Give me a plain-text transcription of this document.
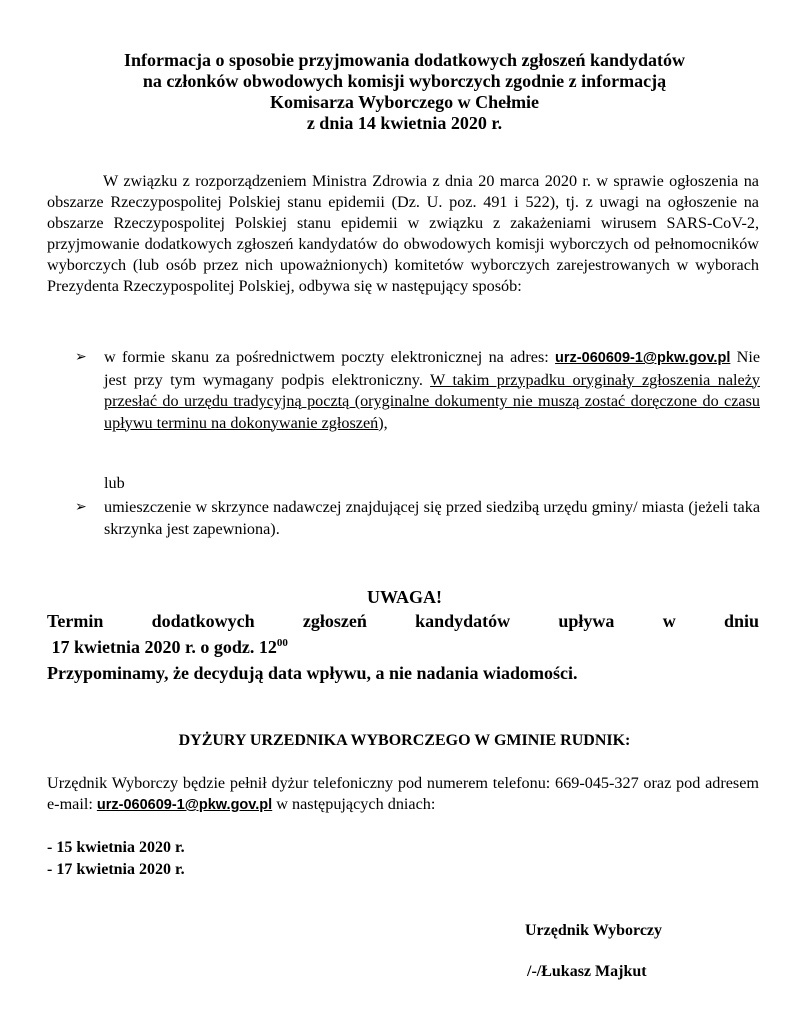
Informacja o sposobie przyjmowania dodatkowych zgłoszeń kandydatów
na członków obwodowych komisji wyborczych zgodnie z informacją
Komisarza Wyborczego w Chełmie
z dnia 14 kwietnia 2020 r.
W związku z rozporządzeniem Ministra Zdrowia z dnia 20 marca 2020 r. w sprawie ogłoszenia na obszarze Rzeczypospolitej Polskiej stanu epidemii (Dz. U. poz. 491 i 522), tj. z uwagi na ogłoszenie na obszarze Rzeczypospolitej Polskiej stanu epidemii w związku z zakażeniami wirusem SARS-CoV-2, przyjmowanie dodatkowych zgłoszeń kandydatów do obwodowych komisji wyborczych od pełnomocników wyborczych (lub osób przez nich upoważnionych) komitetów wyborczych zarejestrowanych w wyborach Prezydenta Rzeczypospolitej Polskiej, odbywa się w następujący sposób:
➢ w formie skanu za pośrednictwem poczty elektronicznej na adres: urz-060609-1@pkw.gov.pl Nie jest przy tym wymagany podpis elektroniczny. W takim przypadku oryginały zgłoszenia należy przesłać do urzędu tradycyjną pocztą (oryginalne dokumenty nie muszą zostać doręczone do czasu upływu terminu na dokonywanie zgłoszeń),
lub
➢ umieszczenie w skrzynce nadawczej znajdującej się przed siedzibą urzędu gminy/ miasta (jeżeli taka skrzynka jest zapewniona).
UWAGA!
Termin	dodatkowych	zgłoszeń	kandydatów	upływa	w	dniu
17 kwietnia 2020 r. o godz. $12^{00}$
Przypominamy, że decydują data wpływu, a nie nadania wiadomości.
DYŻURY URZEDNIKA WYBORCZEGO W GMINIE RUDNIK:
Urzędnik Wyborczy będzie pełnił dyżur telefoniczny pod numerem telefonu: 669-045-327 oraz pod adresem e-mail: urz-060609-1@pkw.gov.pl w następujących dniach:
- 15 kwietnia 2020 r.
- 17 kwietnia 2020 r.
Urzędnik Wyborczy
/-/Łukasz Majkut
